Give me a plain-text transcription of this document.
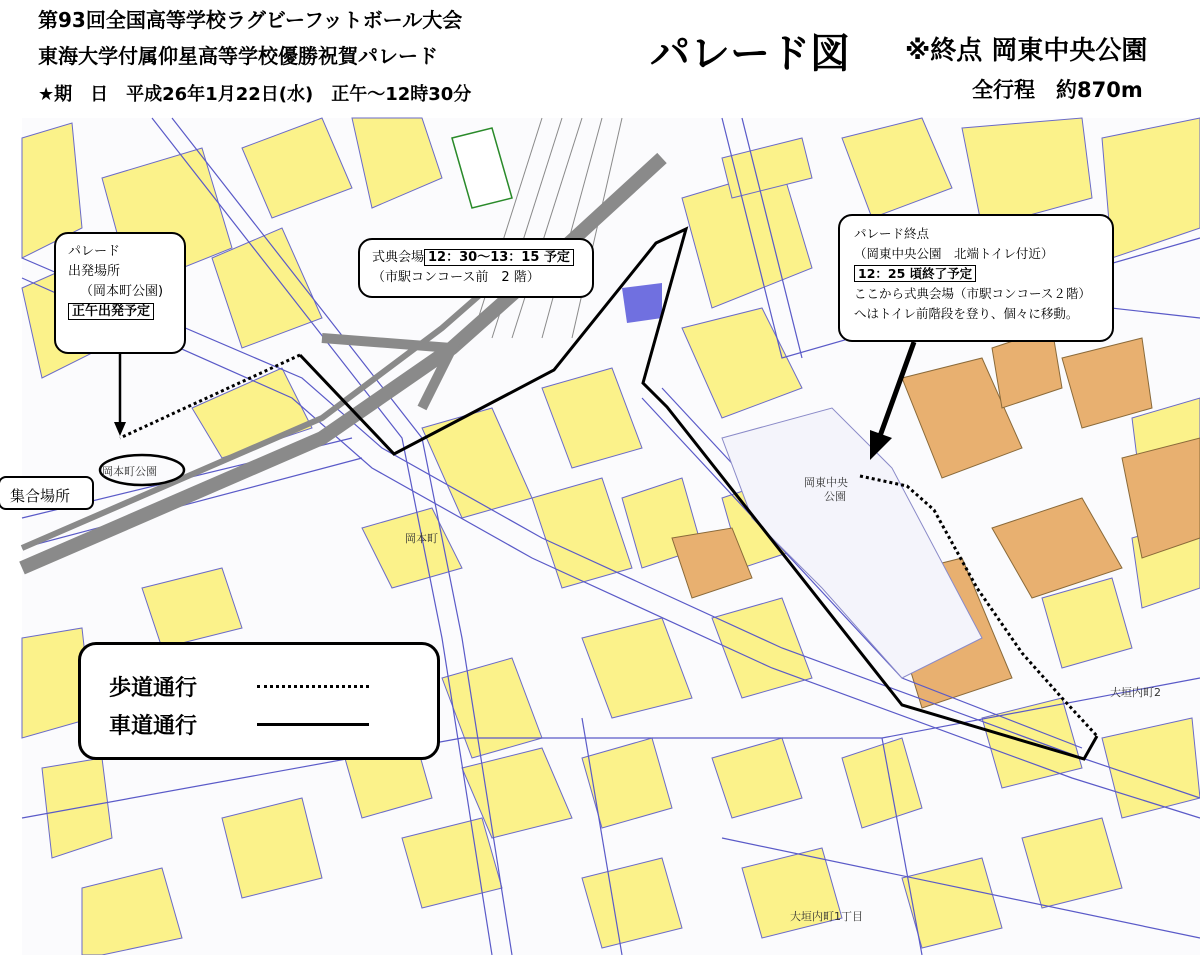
第93回全国高等学校ラグビーフットボール大会
東海大学付属仰星高等学校優勝祝賀パレード
★期　日　平成26年1月22日(水)　正午～12時30分
パレード図 ※終点 岡東中央公園
全行程　約870m
岡本町公園
岡東中央
公園
岡本町
大垣内町2
大垣内町1丁目
パレード
出発場所
（岡本町公園)
正午出発予定
式典会場 12：30～13：15 予定
（市駅コンコース前　2 階）
パレード終点
（岡東中央公園　北端トイレ付近）
12：25 頃終了予定
ここから式典会場（市駅コンコース２階）
へはトイレ前階段を登り、個々に移動。
集合場所
歩道通行
車道通行
